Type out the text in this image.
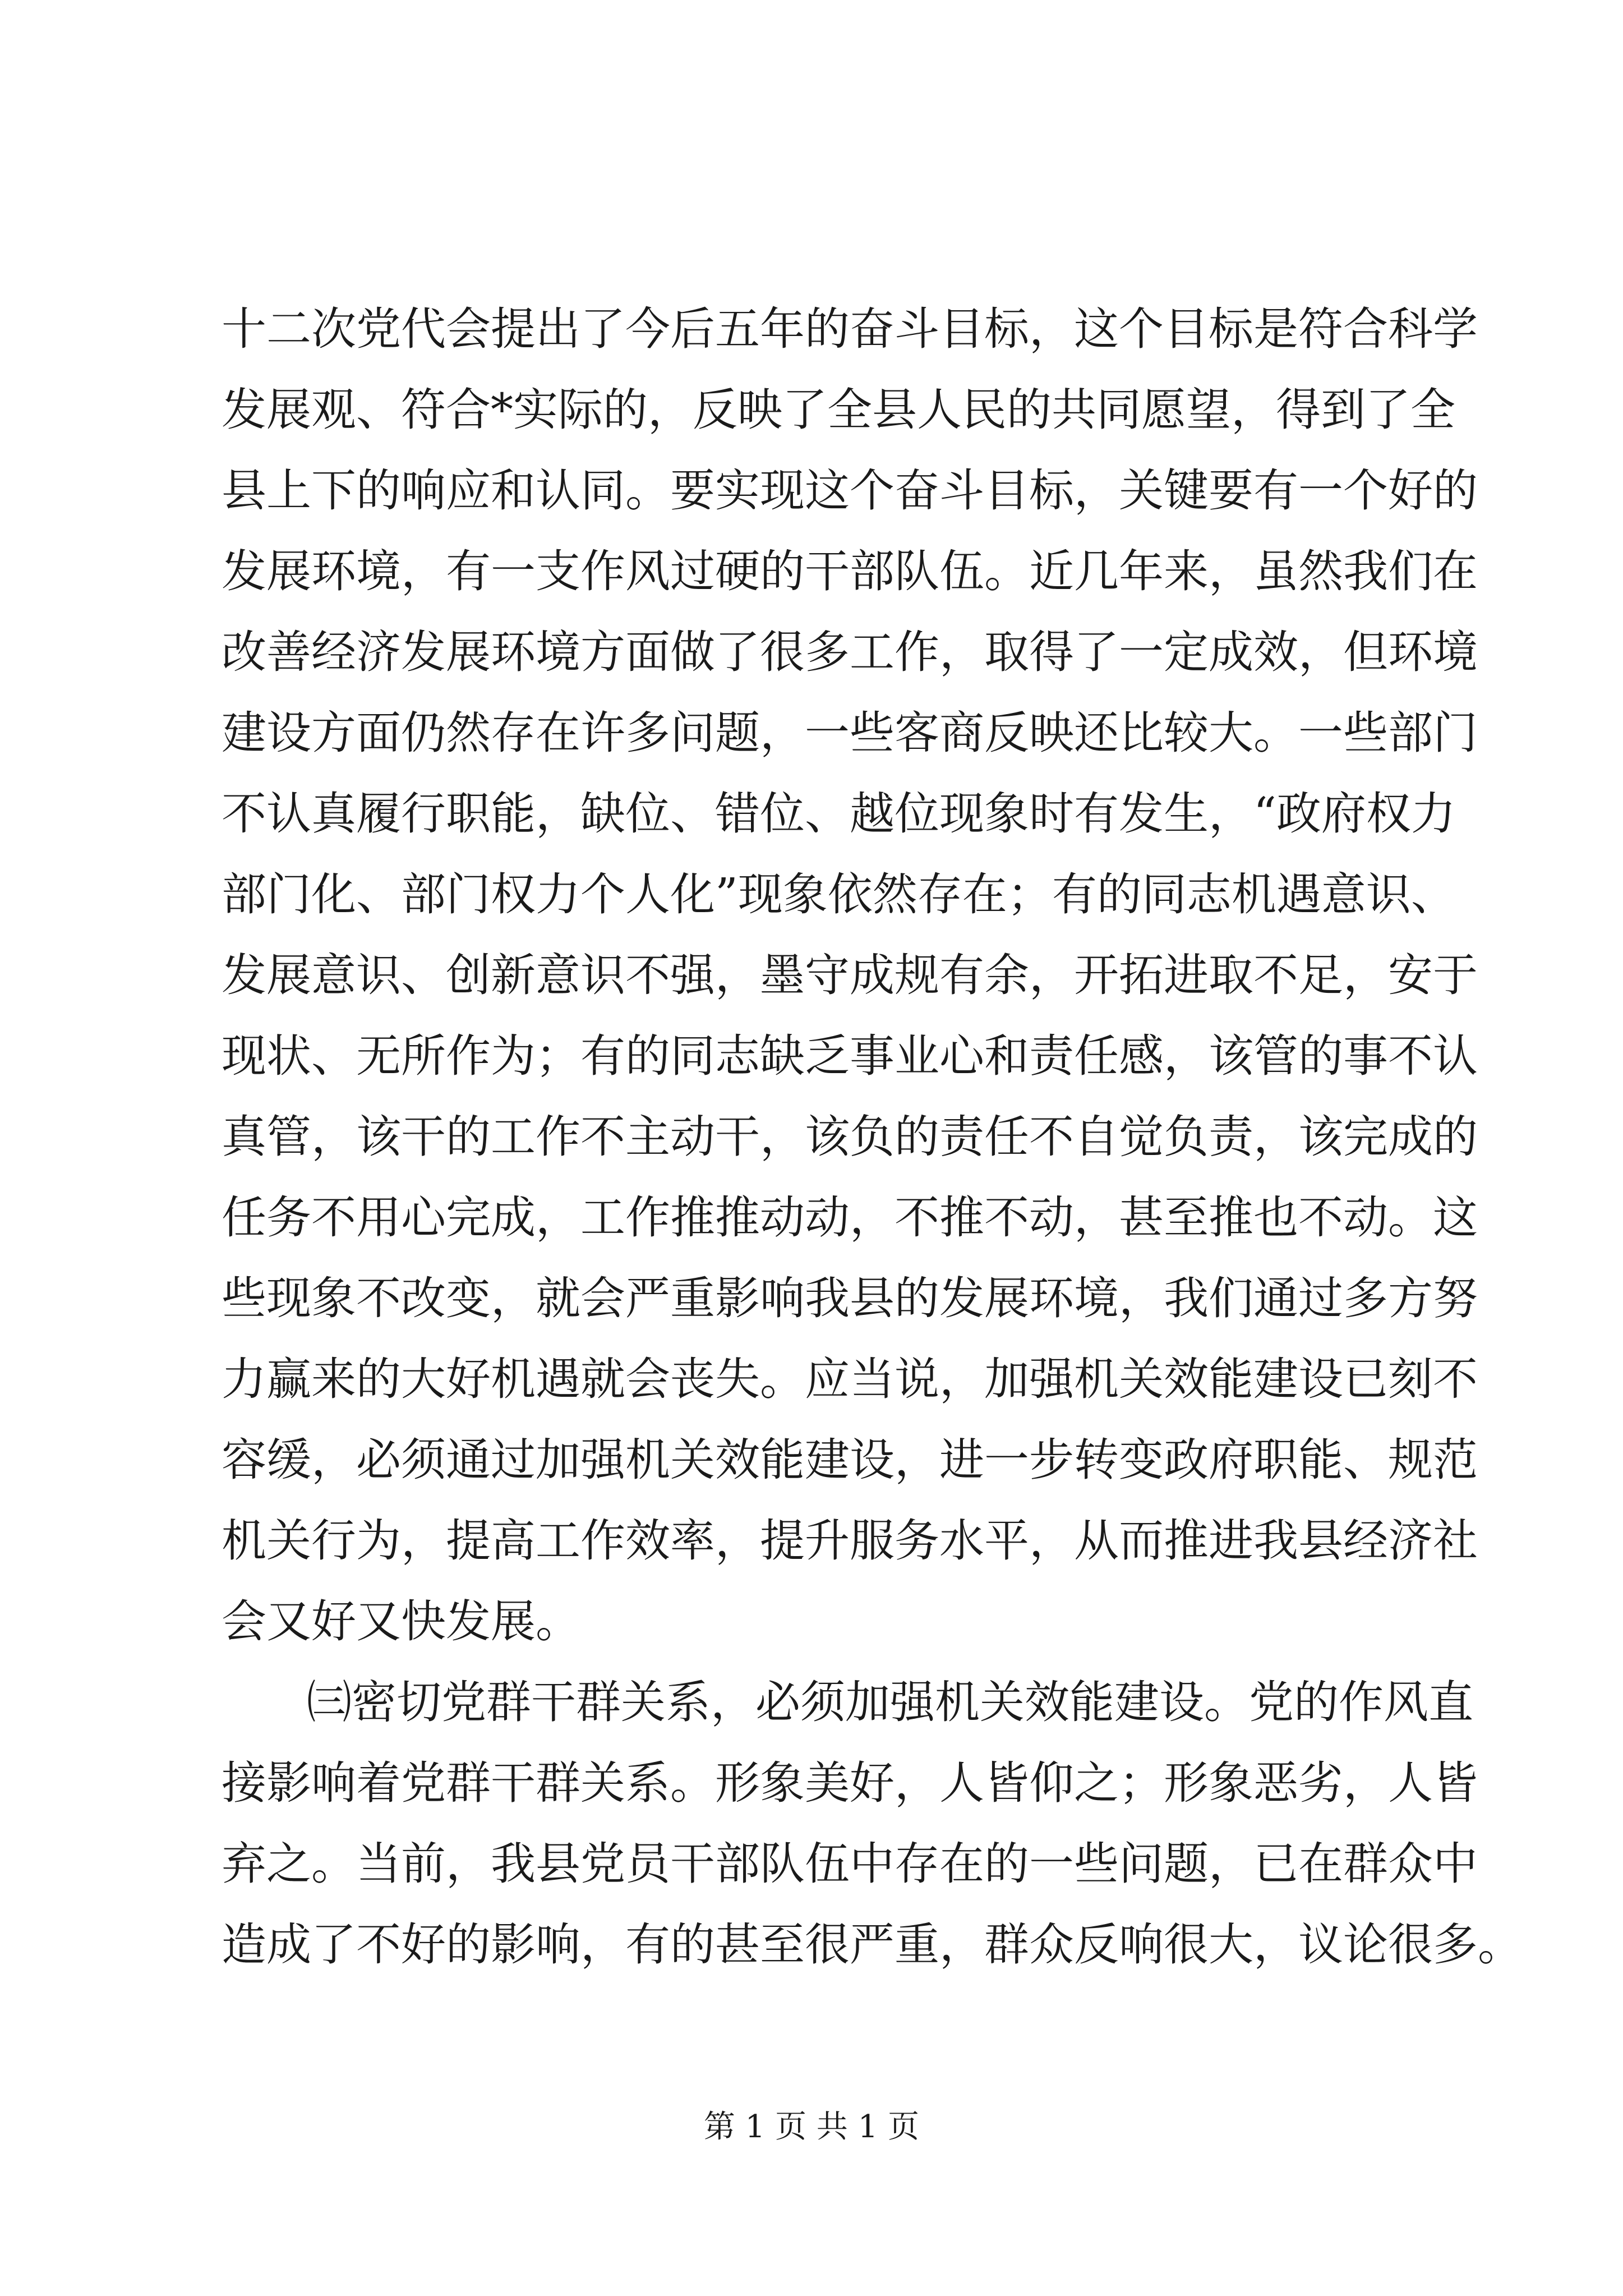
十二次党代会提出了今后五年的奋斗目标，这个目标是符合科学
发展观、符合*实际的，反映了全县人民的共同愿望，得到了全
县上下的响应和认同。要实现这个奋斗目标，关键要有一个好的
发展环境，有一支作风过硬的干部队伍。近几年来，虽然我们在
改善经济发展环境方面做了很多工作，取得了一定成效，但环境
建设方面仍然存在许多问题，一些客商反映还比较大。一些部门
不认真履行职能，缺位、错位、越位现象时有发生，“政府权力
部门化、部门权力个人化”现象依然存在；有的同志机遇意识、
发展意识、创新意识不强，墨守成规有余，开拓进取不足，安于
现状、无所作为；有的同志缺乏事业心和责任感，该管的事不认
真管，该干的工作不主动干，该负的责任不自觉负责，该完成的
任务不用心完成，工作推推动动，不推不动，甚至推也不动。这
些现象不改变，就会严重影响我县的发展环境，我们通过多方努
力赢来的大好机遇就会丧失。应当说，加强机关效能建设已刻不
容缓，必须通过加强机关效能建设，进一步转变政府职能、规范
机关行为，提高工作效率，提升服务水平，从而推进我县经济社
会又好又快发展。
㈢密切党群干群关系，必须加强机关效能建设。党的作风直
接影响着党群干群关系。形象美好，人皆仰之；形象恶劣，人皆
弃之。当前，我县党员干部队伍中存在的一些问题，已在群众中
造成了不好的影响，有的甚至很严重，群众反响很大，议论很多。
第 1 页 共 1 页
